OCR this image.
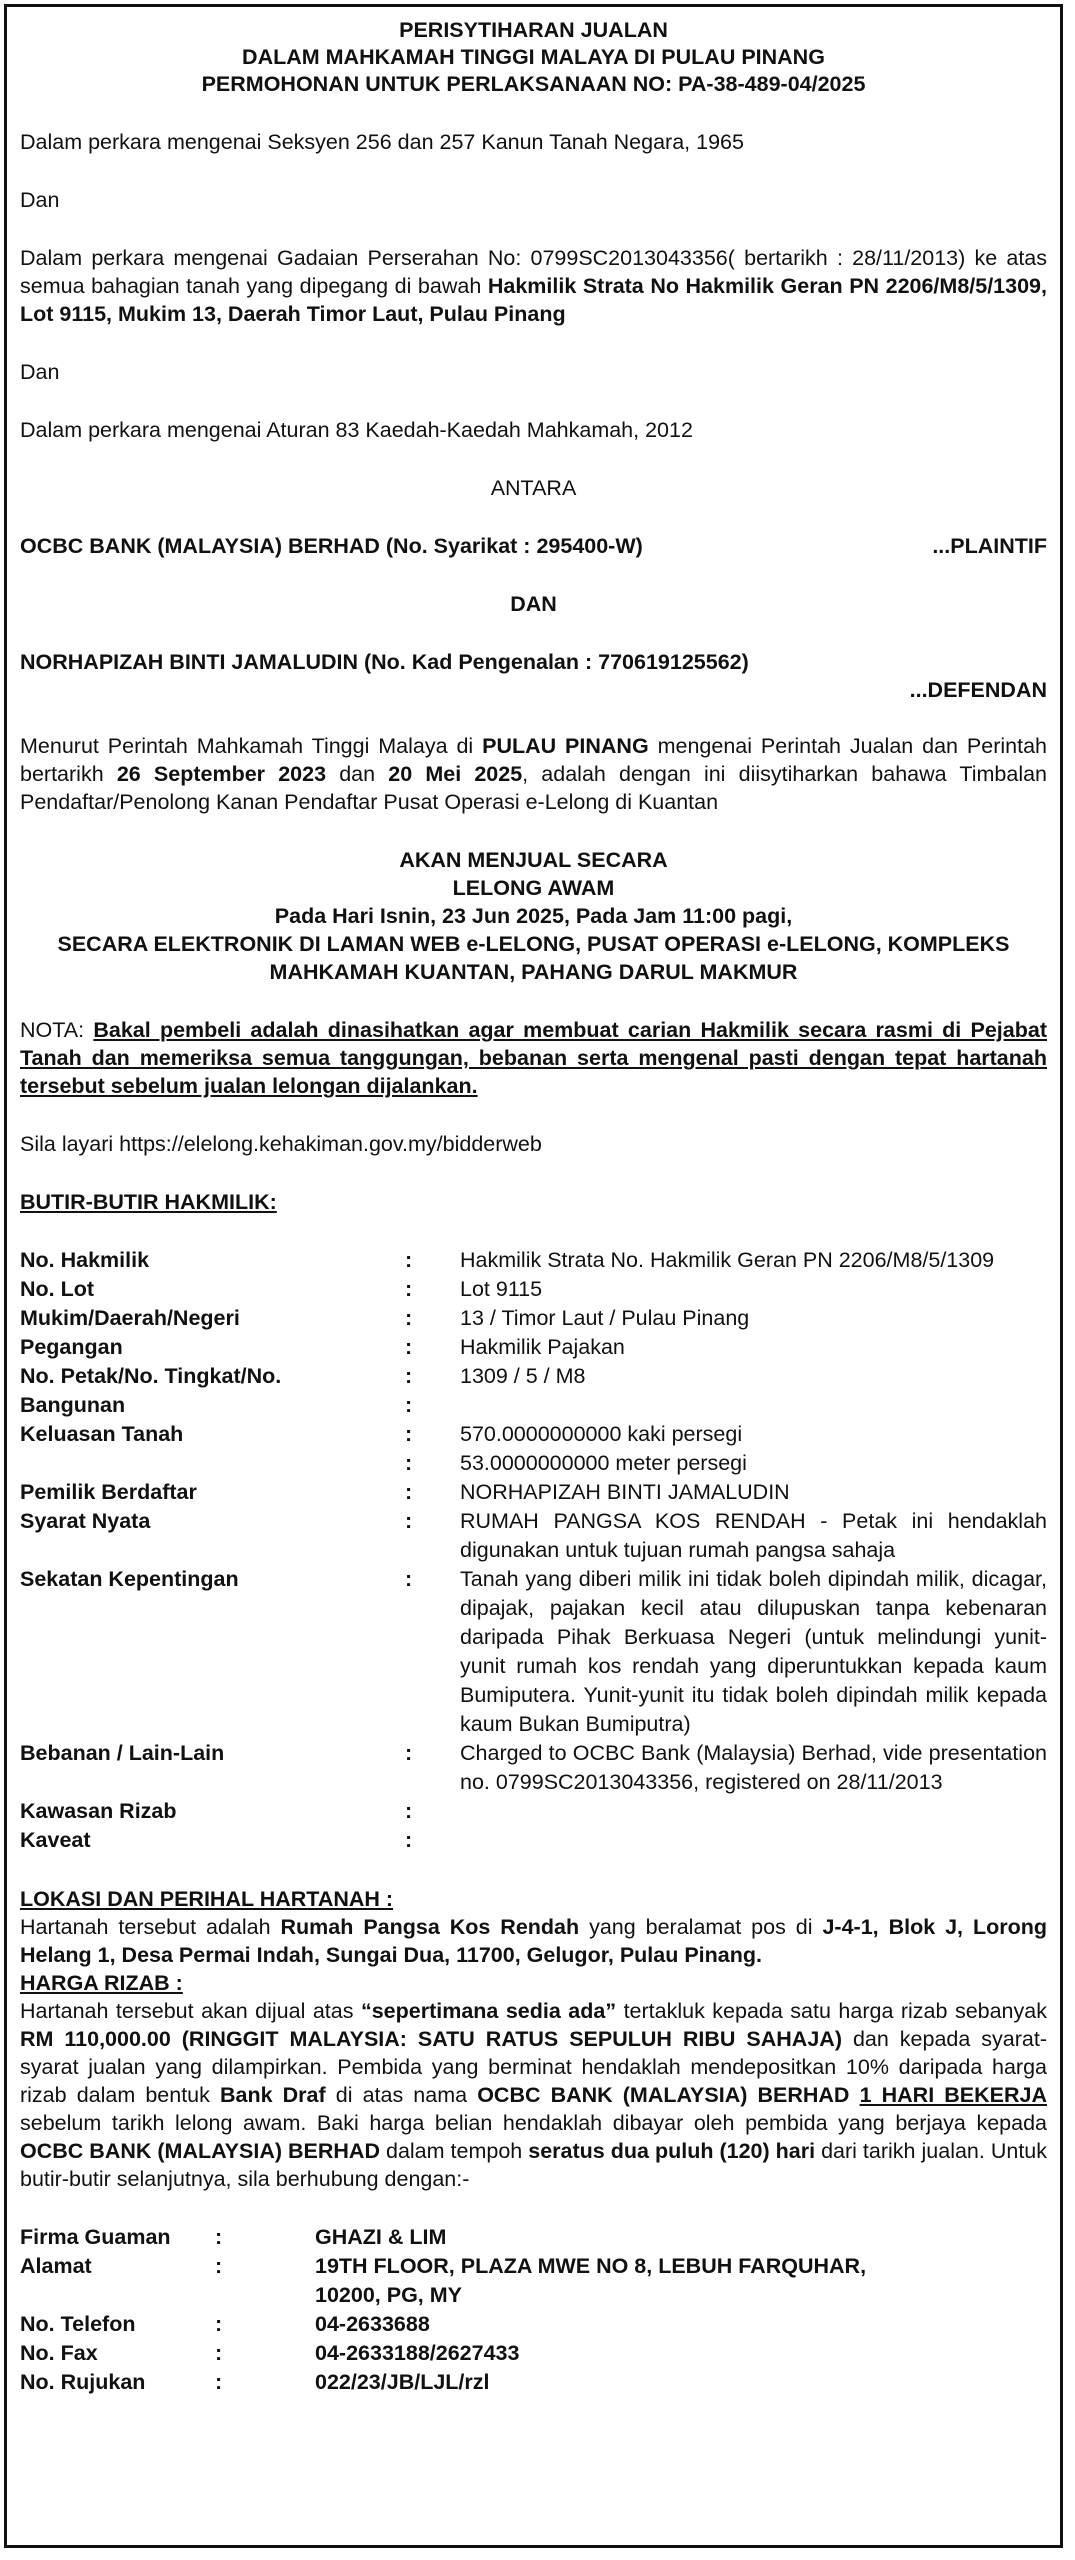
PERISYTIHARAN JUALAN
DALAM MAHKAMAH TINGGI MALAYA DI PULAU PINANG
PERMOHONAN UNTUK PERLAKSANAAN NO: PA-38-489-04/2025
Dalam perkara mengenai Seksyen 256 dan 257 Kanun Tanah Negara, 1965
Dan
Dalam perkara mengenai Gadaian Perserahan No: 0799SC2013043356( bertarikh : 28/11/2013) ke atas semua bahagian tanah yang dipegang di bawah Hakmilik Strata No Hakmilik Geran PN 2206/M8/5/1309, Lot 9115, Mukim 13, Daerah Timor Laut, Pulau Pinang
Dan
Dalam perkara mengenai Aturan 83 Kaedah-Kaedah Mahkamah, 2012
ANTARA
OCBC BANK (MALAYSIA) BERHAD (No. Syarikat : 295400-W)	...PLAINTIF
DAN
NORHAPIZAH BINTI JAMALUDIN (No. Kad Pengenalan : 770619125562)
...DEFENDAN
Menurut Perintah Mahkamah Tinggi Malaya di PULAU PINANG mengenai Perintah Jualan dan Perintah bertarikh 26 September 2023 dan 20 Mei 2025, adalah dengan ini diisytiharkan bahawa Timbalan Pendaftar/Penolong Kanan Pendaftar Pusat Operasi e-Lelong di Kuantan
AKAN MENJUAL SECARA
LELONG AWAM
Pada Hari Isnin, 23 Jun 2025, Pada Jam 11:00 pagi,
SECARA ELEKTRONIK DI LAMAN WEB e-LELONG, PUSAT OPERASI e-LELONG, KOMPLEKS
MAHKAMAH KUANTAN, PAHANG DARUL MAKMUR
NOTA: Bakal pembeli adalah dinasihatkan agar membuat carian Hakmilik secara rasmi di Pejabat Tanah dan memeriksa semua tanggungan, bebanan serta mengenal pasti dengan tepat hartanah tersebut sebelum jualan lelongan dijalankan.
Sila layari https://elelong.kehakiman.gov.my/bidderweb
BUTIR-BUTIR HAKMILIK:
No. Hakmilik	:	Hakmilik Strata No. Hakmilik Geran PN 2206/M8/5/1309
No. Lot	:	Lot 9115
Mukim/Daerah/Negeri	:	13 / Timor Laut / Pulau Pinang
Pegangan	:	Hakmilik Pajakan
No. Petak/No. Tingkat/No.	:	1309 / 5 / M8
Bangunan	:	
Keluasan Tanah	:	570.0000000000 kaki persegi
	:	53.0000000000 meter persegi
Pemilik Berdaftar	:	NORHAPIZAH BINTI JAMALUDIN
Syarat Nyata	:	RUMAH PANGSA KOS RENDAH - Petak ini hendaklah digunakan untuk tujuan rumah pangsa sahaja
Sekatan Kepentingan	:	Tanah yang diberi milik ini tidak boleh dipindah milik, dicagar, dipajak, pajakan kecil atau dilupuskan tanpa kebenaran daripada Pihak Berkuasa Negeri (untuk melindungi yunit-yunit rumah kos rendah yang diperuntukkan kepada kaum Bumiputera. Yunit-yunit itu tidak boleh dipindah milik kepada kaum Bukan Bumiputra)
Bebanan / Lain-Lain	:	Charged to OCBC Bank (Malaysia) Berhad, vide presentation no. 0799SC2013043356, registered on 28/11/2013
Kawasan Rizab	:	
Kaveat	:	
LOKASI DAN PERIHAL HARTANAH :
Hartanah tersebut adalah Rumah Pangsa Kos Rendah yang beralamat pos di J-4-1, Blok J, Lorong Helang 1, Desa Permai Indah, Sungai Dua, 11700, Gelugor, Pulau Pinang.
HARGA RIZAB :
Hartanah tersebut akan dijual atas “sepertimana sedia ada” tertakluk kepada satu harga rizab sebanyak RM 110,000.00 (RINGGIT MALAYSIA: SATU RATUS SEPULUH RIBU SAHAJA) dan kepada syarat-syarat jualan yang dilampirkan. Pembida yang berminat hendaklah mendepositkan 10% daripada harga rizab dalam bentuk Bank Draf di atas nama OCBC BANK (MALAYSIA) BERHAD 1 HARI BEKERJA sebelum tarikh lelong awam. Baki harga belian hendaklah dibayar oleh pembida yang berjaya kepada OCBC BANK (MALAYSIA) BERHAD dalam tempoh seratus dua puluh (120) hari dari tarikh jualan. Untuk butir-butir selanjutnya, sila berhubung dengan:-
Firma Guaman	:	GHAZI & LIM
Alamat	:	19TH FLOOR, PLAZA MWE NO 8, LEBUH FARQUHAR,
		10200, PG, MY
No. Telefon	:	04-2633688
No. Fax	:	04-2633188/2627433
No. Rujukan	:	022/23/JB/LJL/rzl
